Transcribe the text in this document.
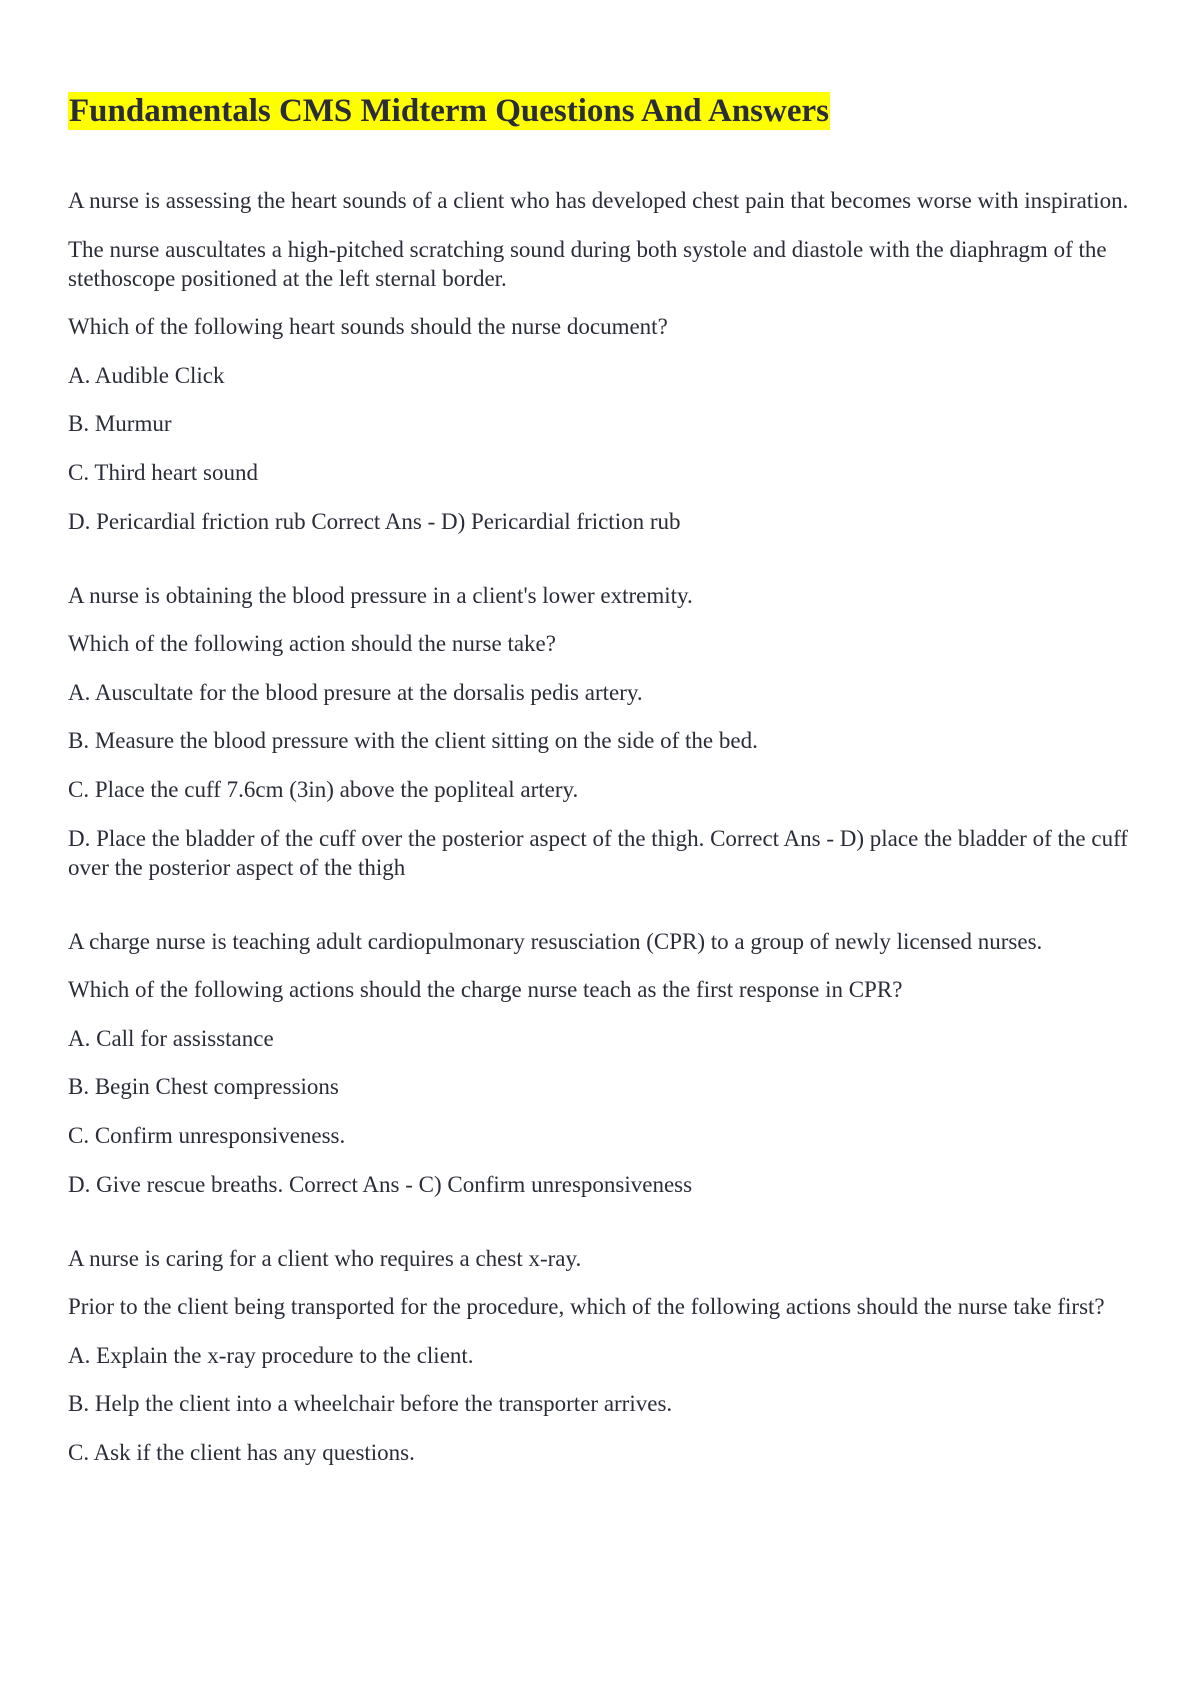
Fundamentals CMS Midterm Questions And Answers

A nurse is assessing the heart sounds of a client who has developed chest pain that becomes worse with inspiration.

The nurse auscultates a high-pitched scratching sound during both systole and diastole with the diaphragm of the stethoscope positioned at the left sternal border.

Which of the following heart sounds should the nurse document?

A. Audible Click

B. Murmur

C. Third heart sound

D. Pericardial friction rub Correct Ans - D) Pericardial friction rub

A nurse is obtaining the blood pressure in a client's lower extremity.

Which of the following action should the nurse take?

A. Auscultate for the blood presure at the dorsalis pedis artery.

B. Measure the blood pressure with the client sitting on the side of the bed.

C. Place the cuff 7.6cm (3in) above the popliteal artery.

D. Place the bladder of the cuff over the posterior aspect of the thigh. Correct Ans - D) place the bladder of the cuff over the posterior aspect of the thigh

A charge nurse is teaching adult cardiopulmonary resusciation (CPR) to a group of newly licensed nurses.

Which of the following actions should the charge nurse teach as the first response in CPR?

A. Call for assisstance

B. Begin Chest compressions

C. Confirm unresponsiveness.

D. Give rescue breaths. Correct Ans - C) Confirm unresponsiveness

A nurse is caring for a client who requires a chest x-ray.

Prior to the client being transported for the procedure, which of the following actions should the nurse take first?

A. Explain the x-ray procedure to the client.

B. Help the client into a wheelchair before the transporter arrives.

C. Ask if the client has any questions.
